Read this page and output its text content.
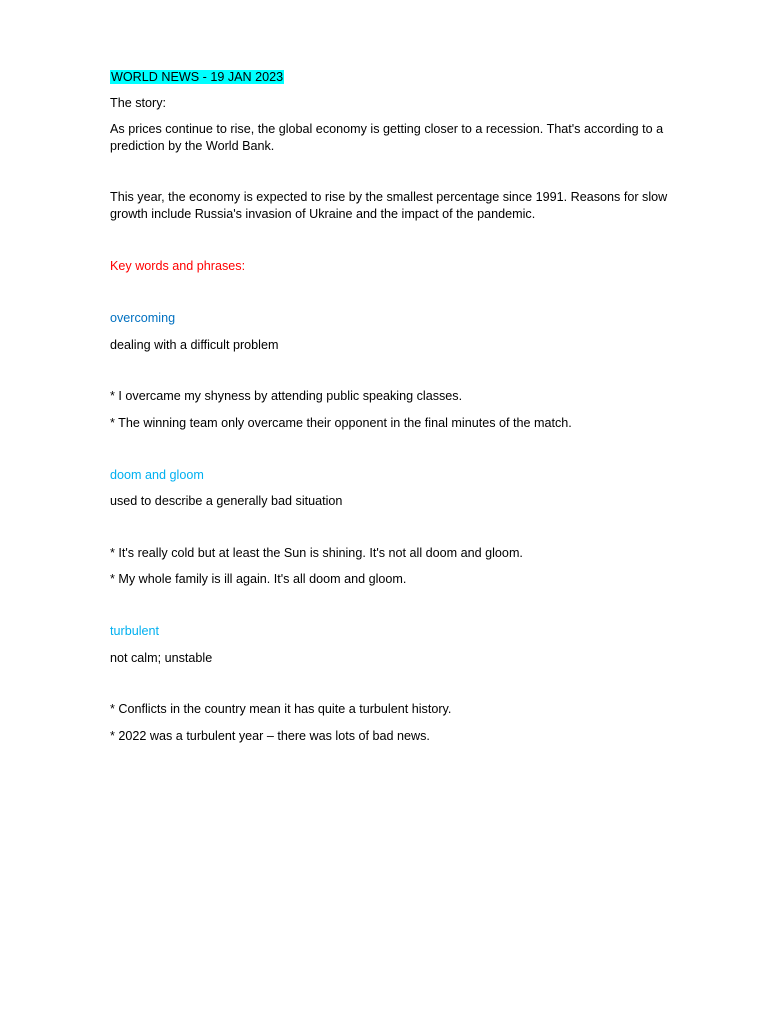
WORLD NEWS - 19 JAN 2023
The story:
As prices continue to rise, the global economy is getting closer to a recession. That's according to a prediction by the World Bank.
This year, the economy is expected to rise by the smallest percentage since 1991. Reasons for slow growth include Russia's invasion of Ukraine and the impact of the pandemic.
Key words and phrases:
overcoming
dealing with a difficult problem
* I overcame my shyness by attending public speaking classes.
* The winning team only overcame their opponent in the final minutes of the match.
doom and gloom
used to describe a generally bad situation
* It's really cold but at least the Sun is shining. It's not all doom and gloom.
* My whole family is ill again. It's all doom and gloom.
turbulent
not calm; unstable
* Conflicts in the country mean it has quite a turbulent history.
* 2022 was a turbulent year – there was lots of bad news.
